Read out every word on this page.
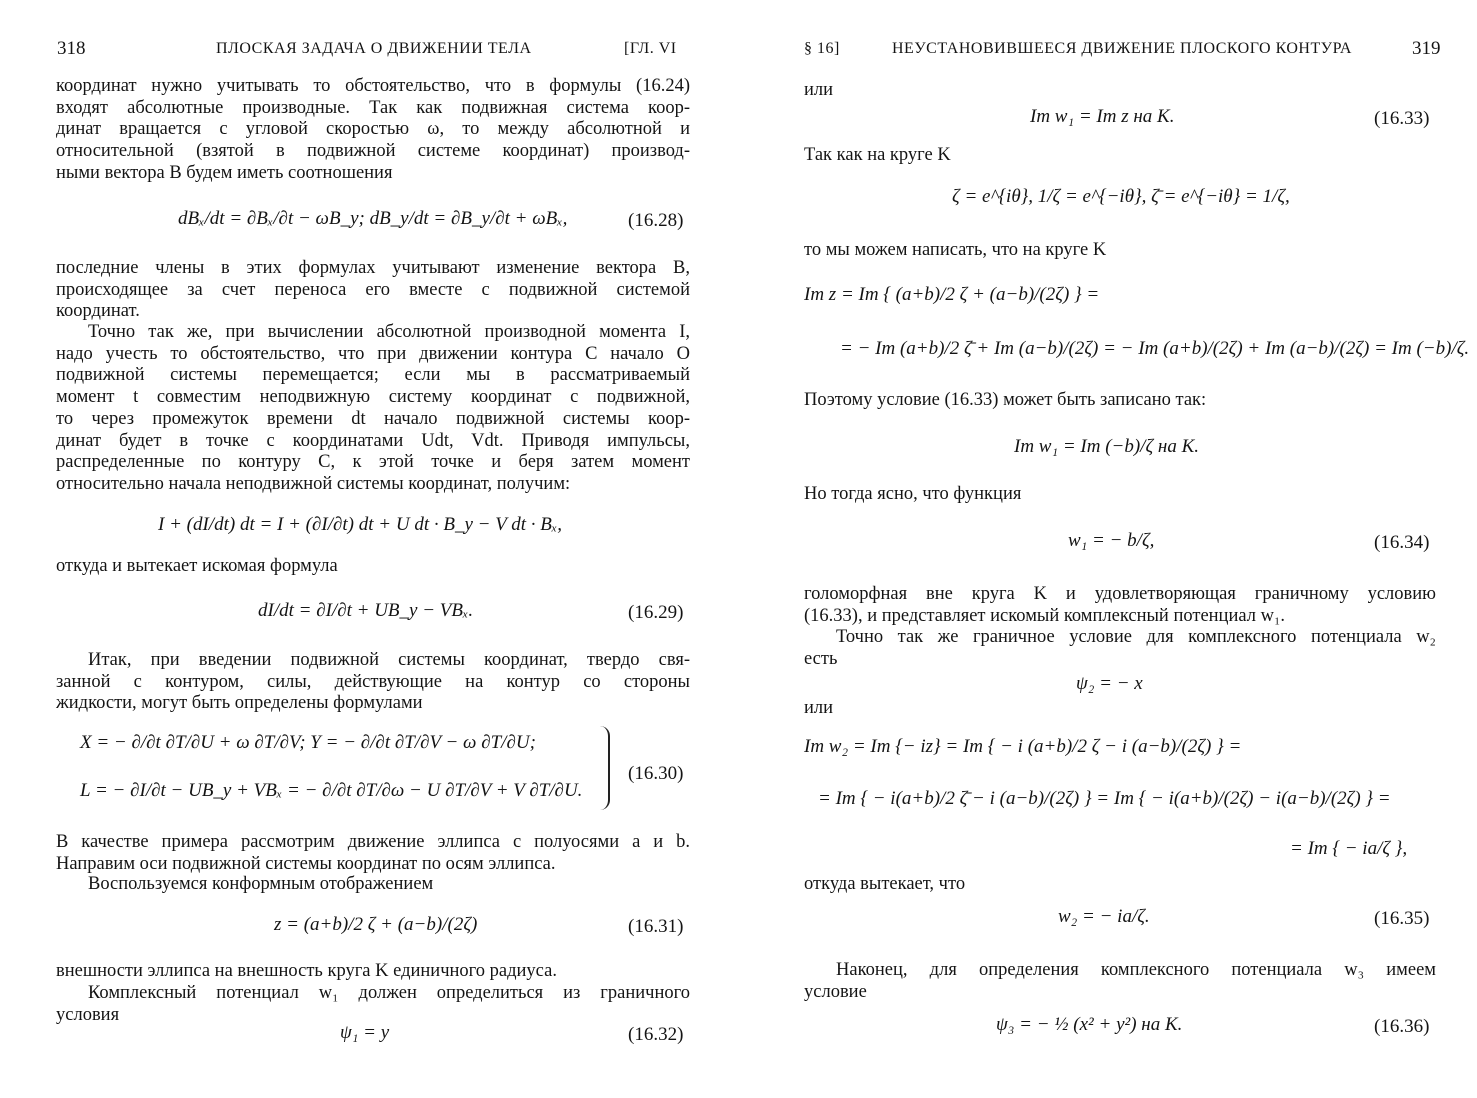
318	ПЛОСКАЯ ЗАДАЧА О ДВИЖЕНИИ ТЕЛА	[ГЛ. VI
координат нужно учитывать то обстоятельство, что в формулы (16.24)
входят абсолютные производные. Так как подвижная система коор-
динат вращается с угловой скоростью ω, то между абсолютной и
относительной (взятой в подвижной системе координат) производ-
ными вектора B будем иметь соотношения
dBₓ/dt = ∂Bₓ/∂t − ωB_y; dB_y/dt = ∂B_y/∂t + ωBₓ,	(16.28)
последние члены в этих формулах учитывают изменение вектора B,
происходящее за счет переноса его вместе с подвижной системой
координат.
Точно так же, при вычислении абсолютной производной момента I,
надо учесть то обстоятельство, что при движении контура C начало O
подвижной системы перемещается; если мы в рассматриваемый
момент t совместим неподвижную систему координат с подвижной,
то через промежуток времени dt начало подвижной системы коор-
динат будет в точке с координатами Udt, Vdt. Приводя импульсы,
распределенные по контуру C, к этой точке и беря затем момент
относительно начала неподвижной системы координат, получим:
I + (dI/dt) dt = I + (∂I/∂t) dt + U dt · B_y − V dt · Bₓ,
откуда и вытекает искомая формула
dI/dt = ∂I/∂t + UB_y − VBₓ.	(16.29)
Итак, при введении подвижной системы координат, твердо свя-
занной с контуром, силы, действующие на контур со стороны
жидкости, могут быть определены формулами
X = − ∂/∂t ∂T/∂U + ω ∂T/∂V; Y = − ∂/∂t ∂T/∂V − ω ∂T/∂U;
L = − ∂I/∂t − UB_y + VBₓ = − ∂/∂t ∂T/∂ω − U ∂T/∂V + V ∂T/∂U.
(16.30)
В качестве примера рассмотрим движение эллипса с полуосями a и b.
Направим оси подвижной системы координат по осям эллипса.
Воспользуемся конформным отображением
z = (a+b)/2 ζ + (a−b)/(2ζ)	(16.31)
внешности эллипса на внешность круга K единичного радиуса.
Комплексный потенциал w₁ должен определиться из граничного
условия
ψ₁ = y	(16.32)
§ 16]	НЕУСТАНОВИВШЕЕСЯ ДВИЖЕНИЕ ПЛОСКОГО КОНТУРА	319
или
Im w₁ = Im z на K.	(16.33)
Так как на круге K
ζ = e^{iθ}, 1/ζ = e^{−iθ}, ζ̄ = e^{−iθ} = 1/ζ,
то мы можем написать, что на круге K
Im z = Im { (a+b)/2 ζ + (a−b)/(2ζ) } =
= − Im (a+b)/2 ζ̄ + Im (a−b)/(2ζ) = − Im (a+b)/(2ζ) + Im (a−b)/(2ζ) = Im (−b)/ζ.
Поэтому условие (16.33) может быть записано так:
Im w₁ = Im (−b)/ζ на K.
Но тогда ясно, что функция
w₁ = − b/ζ,	(16.34)
голоморфная вне круга K и удовлетворяющая граничному условию
(16.33), и представляет искомый комплексный потенциал w₁.
Точно так же граничное условие для комплексного потенциала w₂
есть
ψ₂ = − x
или
Im w₂ = Im {− iz} = Im { − i (a+b)/2 ζ − i (a−b)/(2ζ) } =
= Im { − i(a+b)/2 ζ̄ − i (a−b)/(2ζ) } = Im { − i(a+b)/(2ζ) − i(a−b)/(2ζ) } =
= Im { − ia/ζ },
откуда вытекает, что
w₂ = − ia/ζ.	(16.35)
Наконец, для определения комплексного потенциала w₃ имеем
условие
ψ₃ = − ½ (x² + y²) на K.	(16.36)
